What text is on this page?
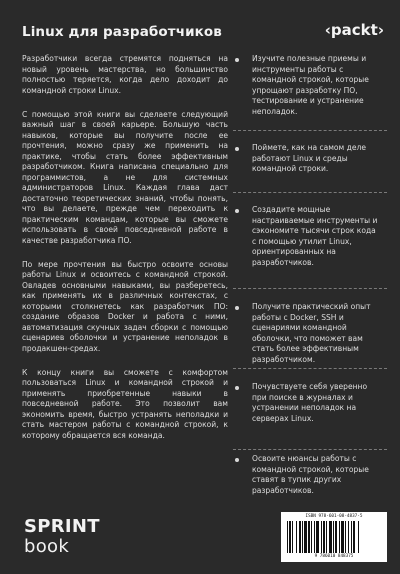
Linux для разработчиков	‹packt›

Разработчики всегда стремятся подняться на новый уровень мастерства, но большинство полностью теряется, когда дело доходит до командной строки Linux.

С помощью этой книги вы сделаете следующий важный шаг в своей карьере. Большую часть навыков, которые вы получите после ее прочтения, можно сразу же применить на практике, чтобы стать более эффективным разработчиком. Книга написана специально для программистов, а не для системных администраторов Linux. Каждая глава даст достаточно теоретических знаний, чтобы понять, что вы делаете, прежде чем переходить к практическим командам, которые вы сможете использовать в своей повседневной работе в качестве разработчика ПО.

По мере прочтения вы быстро освоите основы работы Linux и освоитесь с командной строкой. Овладев основными навыками, вы разберетесь, как применять их в различных контекстах, с которыми столкнетесь как разработчик ПО: создание образов Docker и работа с ними, автоматизация скучных задач сборки с помощью сценариев оболочки и устранение неполадок в продакшен-средах.

К концу книги вы сможете с комфортом пользоваться Linux и командной строкой и применять приобретенные навыки в повседневной работе. Это позволит вам экономить время, быстро устранять неполадки и стать мастером работы с командной строкой, к которому обращается вся команда.

Изучите полезные приемы и инструменты работы с командной строкой, которые упрощают разработку ПО, тестирование и устранение неполадок.
Поймете, как на самом деле работают Linux и среды командной строки.
Создадите мощные настраиваемые инструменты и сэкономите тысячи строк кода с помощью утилит Linux, ориентированных на разработчиков.
Получите практический опыт работы с Docker, SSH и сценариями командной оболочки, что поможет вам стать более эффективным разработчиком.
Почувствуете себя уверенно при поиске в журналах и устранении неполадок на серверах Linux.
Освоите нюансы работы с командной строкой, которые ставят в тупик других разработчиков.
SPRINT
book
ISBN 978-601-08-4837-5
9 786010 848375
